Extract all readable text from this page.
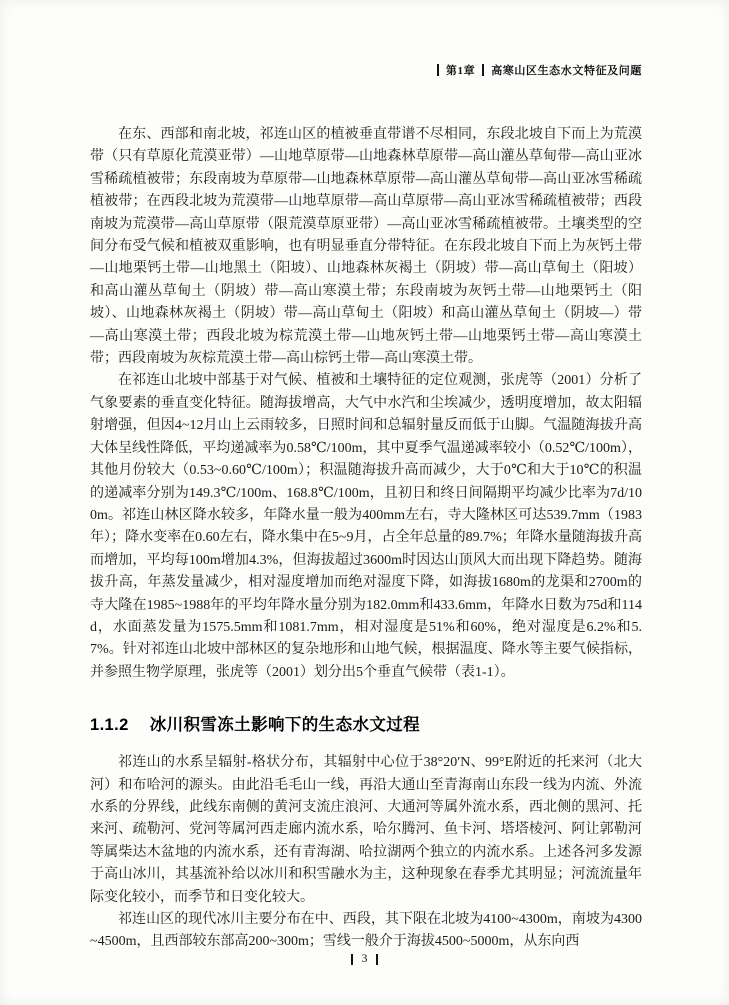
第1章 高寒山区生态水文特征及问题

在东、西部和南北坡，祁连山区的植被垂直带谱不尽相同，东段北坡自下而上为荒漠带（只有草原化荒漠亚带）—山地草原带—山地森林草原带—高山灌丛草甸带—高山亚冰雪稀疏植被带；东段南坡为草原带—山地森林草原带—高山灌丛草甸带—高山亚冰雪稀疏植被带；在西段北坡为荒漠带—山地草原带—高山草原带—高山亚冰雪稀疏植被带；西段南坡为荒漠带—高山草原带（限荒漠草原亚带）—高山亚冰雪稀疏植被带。土壤类型的空间分布受气候和植被双重影响，也有明显垂直分带特征。在东段北坡自下而上为灰钙土带—山地栗钙土带—山地黑土（阳坡）、山地森林灰褐土（阴坡）带—高山草甸土（阳坡）和高山灌丛草甸土（阴坡）带—高山寒漠土带；东段南坡为灰钙土带—山地栗钙土（阳坡）、山地森林灰褐土（阴坡）带—高山草甸土（阳坡）和高山灌丛草甸土（阴坡—）带—高山寒漠土带；西段北坡为棕荒漠土带—山地灰钙土带—山地栗钙土带—高山寒漠土带；西段南坡为灰棕荒漠土带—高山棕钙土带—高山寒漠土带。

在祁连山北坡中部基于对气候、植被和土壤特征的定位观测，张虎等（2001）分析了气象要素的垂直变化特征。随海拔增高，大气中水汽和尘埃减少，透明度增加，故太阳辐射增强，但因4~12月山上云雨较多，日照时间和总辐射量反而低于山脚。气温随海拔升高大体呈线性降低，平均递减率为0.58℃/100m，其中夏季气温递减率较小（0.52℃/100m），其他月份较大（0.53~0.60℃/100m）；积温随海拔升高而减少，大于0℃和大于10℃的积温的递减率分别为149.3℃/100m、168.8℃/100m，且初日和终日间隔期平均减少比率为7d/100m。祁连山林区降水较多，年降水量一般为400mm左右，寺大隆林区可达539.7mm（1983年）；降水变率在0.60左右，降水集中在5~9月，占全年总量的89.7%；年降水量随海拔升高而增加，平均每100m增加4.3%，但海拔超过3600m时因达山顶风大而出现下降趋势。随海拔升高，年蒸发量减少，相对湿度增加而绝对湿度下降，如海拔1680m的龙渠和2700m的寺大隆在1985~1988年的平均年降水量分别为182.0mm和433.6mm，年降水日数为75d和114d，水面蒸发量为1575.5mm和1081.7mm，相对湿度是51%和60%，绝对湿度是6.2%和5.7%。针对祁连山北坡中部林区的复杂地形和山地气候，根据温度、降水等主要气候指标，并参照生物学原理，张虎等（2001）划分出5个垂直气候带（表1-1）。

1.1.2 冰川积雪冻土影响下的生态水文过程

祁连山的水系呈辐射-格状分布，其辐射中心位于38°20′N、99°E附近的托来河（北大河）和布哈河的源头。由此沿毛毛山一线，再沿大通山至青海南山东段一线为内流、外流水系的分界线，此线东南侧的黄河支流庄浪河、大通河等属外流水系，西北侧的黑河、托来河、疏勒河、党河等属河西走廊内流水系，哈尔腾河、鱼卡河、塔塔棱河、阿让郭勒河等属柴达木盆地的内流水系，还有青海湖、哈拉湖两个独立的内流水系。上述各河多发源于高山冰川，其基流补给以冰川和积雪融水为主，这种现象在春季尤其明显；河流流量年际变化较小，而季节和日变化较大。

祁连山区的现代冰川主要分布在中、西段，其下限在北坡为4100~4300m，南坡为4300~4500m，且西部较东部高200~300m；雪线一般介于海拔4500~5000m，从东向西

3
